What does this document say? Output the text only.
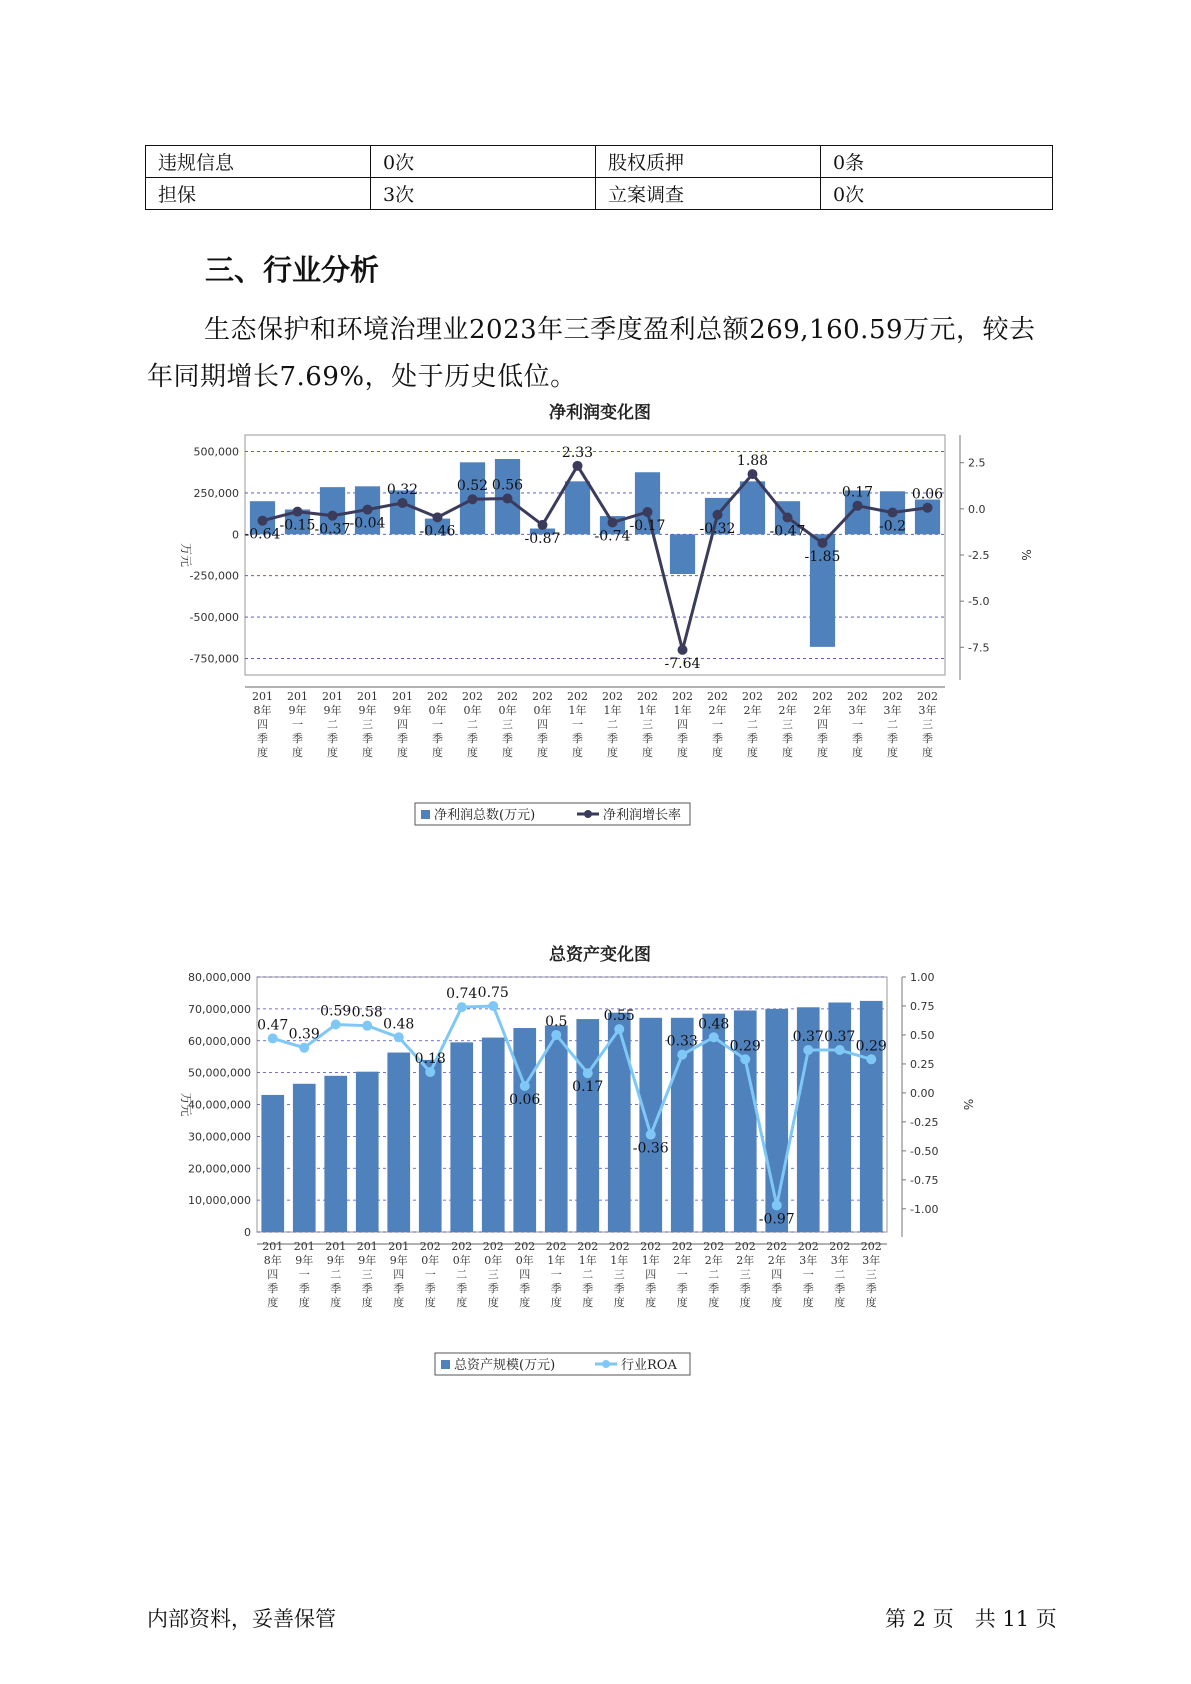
违规信息	0次	股权质押	0条
担保	3次	立案调查	0次
三、行业分析

生态保护和环境治理业2023年三季度盈利总额269,160.59万元，较去年同期增长7.69%，处于历史低位。

净利润变化图
500,000
250,000
0
-250,000
-500,000
-750,000
2.5
0.0
-2.5
-5.0
-7.5
万元	%
-0.64
-0.15 -0.37 -0.04
0.32
-0.46
0.52 0.56
-0.87
2.33
-0.74
-0.17
-7.64
-0.32
1.88
-0.47
-1.85
0.17
-0.2
0.06
201 8年四季度
201 9年一季度
201 9年二季度
201 9年三季度
201 9年四季度
202 0年一季度
202 0年二季度
202 0年三季度
202 0年四季度
202 1年一季度
202 1年二季度
202 1年三季度
202 1年四季度
202 2年一季度
202 2年二季度
202 2年三季度
202 2年四季度
202 3年一季度
202 3年二季度
202 3年三季度
净利润总数(万元)	净利润增长率
总资产变化图
80,000,000
70,000,000
60,000,000
50,000,000
40,000,000
30,000,000
20,000,000
10,000,000
0
1.00
0.75
0.50
0.25
0.00
-0.25
-0.50
-0.75
-1.00
万元	%
0.47
0.39
0.59 0.58
0.48
0.18
0.74 0.75
0.06
0.5
0.17
0.55
-0.36
0.33
0.48
0.29
-0.97
0.37 0.37
0.29
201 8年四季度
201 9年一季度
201 9年二季度
201 9年三季度
201 9年四季度
202 0年一季度
202 0年二季度
202 0年三季度
202 0年四季度
202 1年一季度
202 1年二季度
202 1年三季度
202 1年四季度
202 2年一季度
202 2年二季度
202 2年三季度
202 2年四季度
202 3年一季度
202 3年二季度
202 3年三季度
总资产规模(万元)	行业ROA
内部资料，妥善保管	第 2 页　共 11 页
